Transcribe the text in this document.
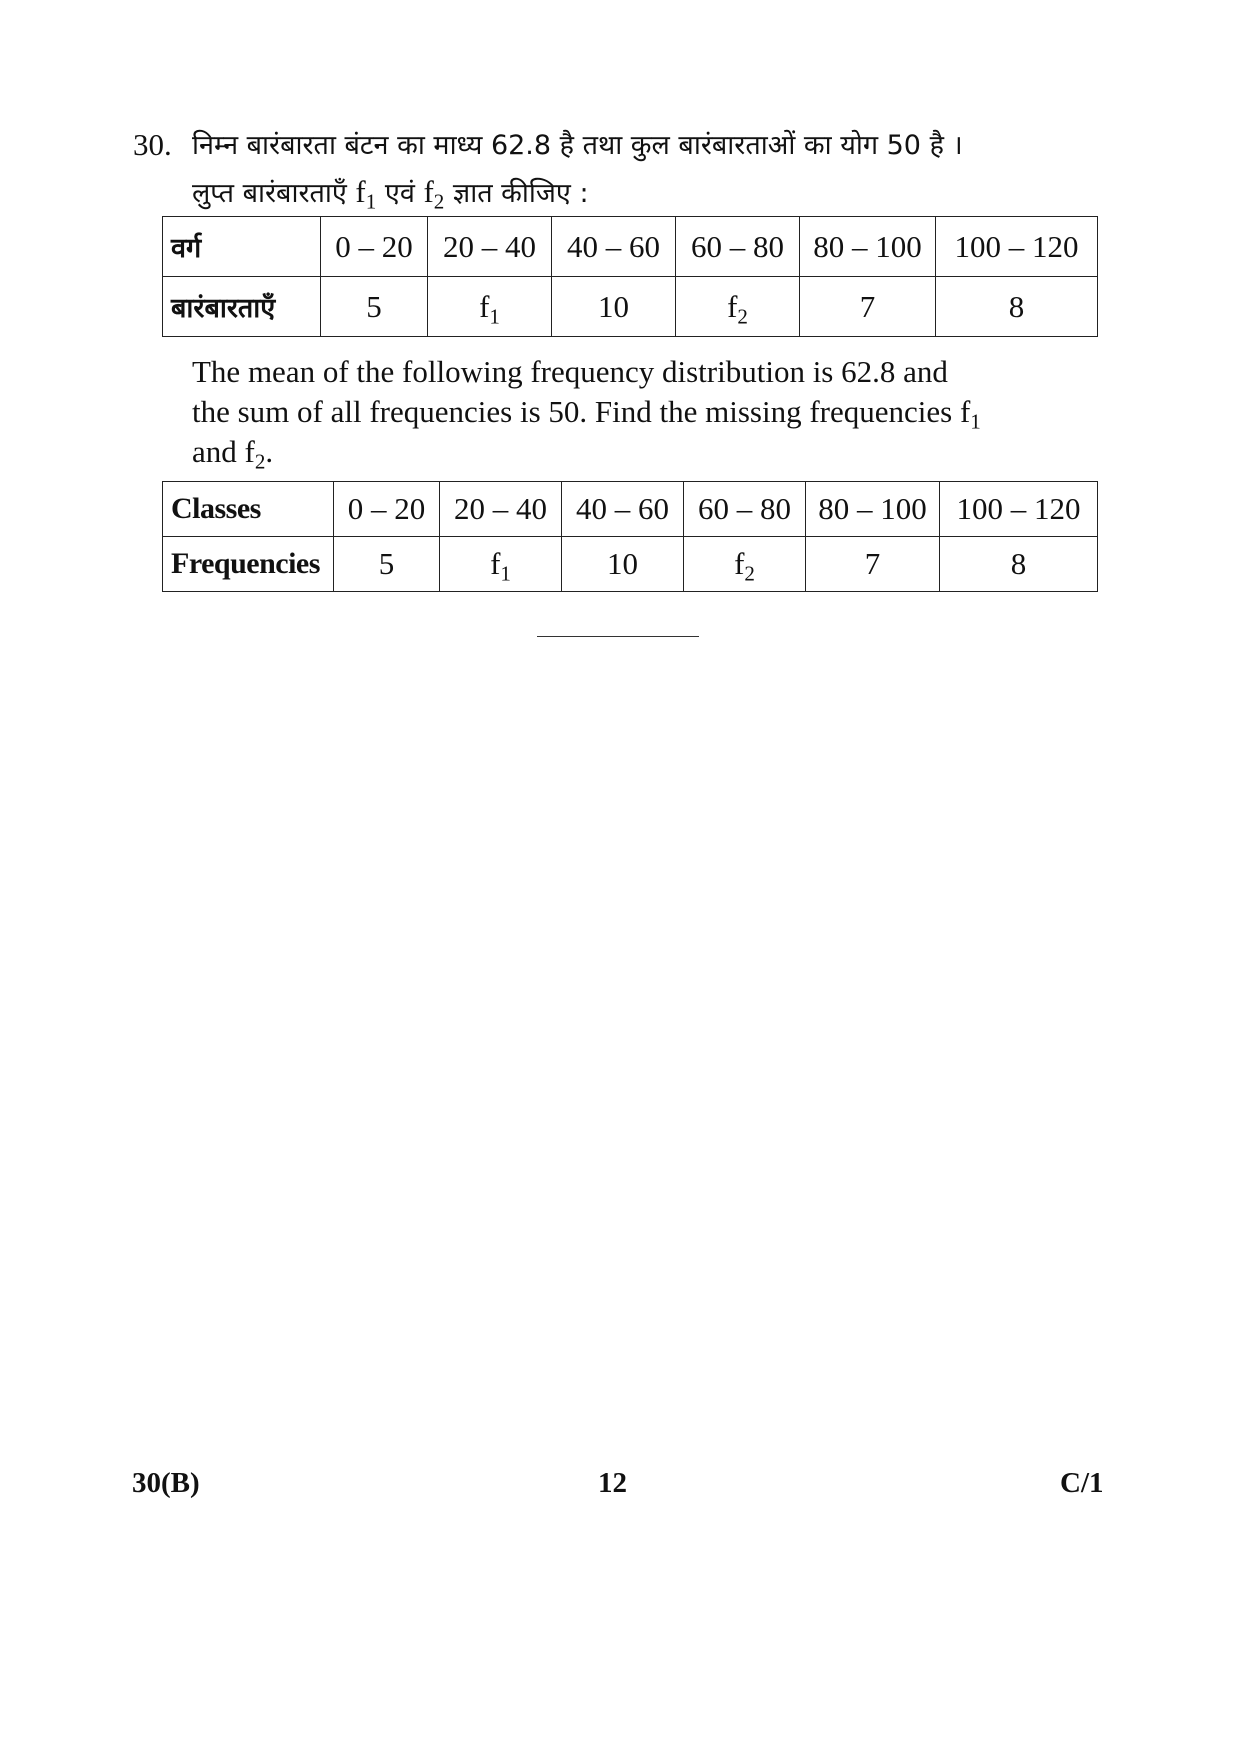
30. निम्न बारंबारता बंटन का माध्य 62.8 है तथा कुल बारंबारताओं का योग 50 है ।
लुप्त बारंबारताएँ $f_1$ एवं $f_2$ ज्ञात कीजिए :
वर्ग	0 – 20	20 – 40	40 – 60	60 – 80	80 – 100	100 – 120
बारंबारताएँ	5	$f_1$	10	$f_2$	7	8

The mean of the following frequency distribution is 62.8 and

the sum of all frequencies is 50. Find the missing frequencies $f_1$

and $f_2$.

Classes	0 – 20	20 – 40	40 – 60	60 – 80	80 – 100	100 – 120
Frequencies	5	$f_1$	10	$f_2$	7	8
30(B)	12	C/1
